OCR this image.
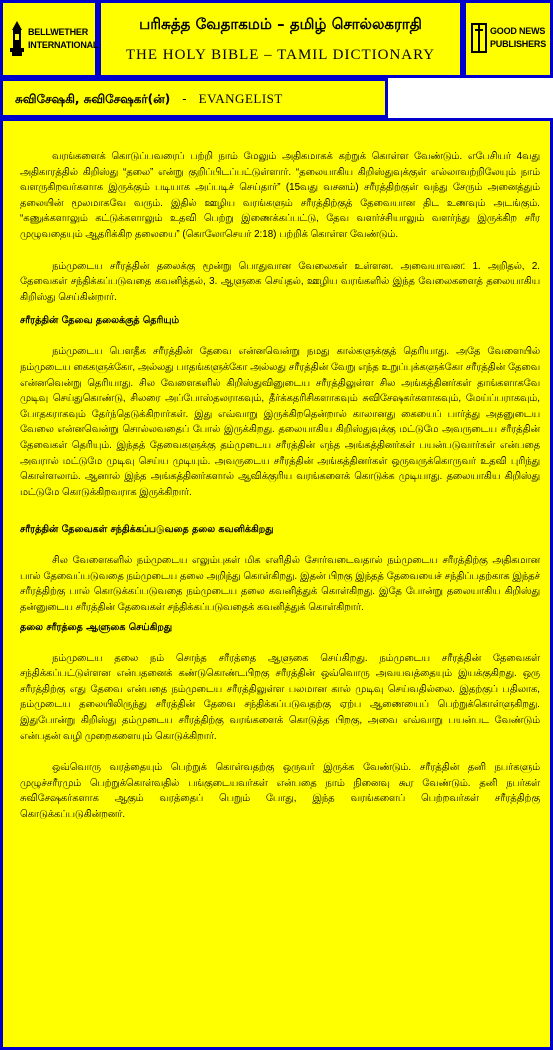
BELLWETHER
INTERNATIONAL
பரிசுத்த வேதாகமம் – தமிழ் சொல்லகராதி
THE HOLY BIBLE – TAMIL DICTIONARY
GOOD NEWS
PUBLISHERS
சுவிசேஷகி, சுவிசேஷகர்(ன்) - EVANGELIST

வரங்களைக் கொடுப்பவரைப் பற்றி நாம் மேலும் அதிகமாகக் கற்றுக் கொள்ள வேண்டும். எபேசியர் 4வது அதிகாரத்தில் கிறிஸ்து “தலை” என்று குறிப்பிடப்பட்டுள்ளார். “தலையாகிய கிறிஸ்துவுக்குள் எல்லாவற்றிலேயும் நாம் வளருகிறவர்களாக இருக்கும் படியாக அப்படிச் செய்தார்” (15வது வசனம்) சரீரத்திற்குள் வந்து சேரும் அனைத்தும் தலையின் மூலமாகவே வரும். இதில் ஊழிய வரங்களும் சரீரத்திற்குத் தேவையான திட உணவும் அடங்கும். “கணுக்களாலும் கட்டுக்களாலும் உதவி பெற்று இணைக்கப்பட்டு, தேவ வளர்ச்சியாலும் வளர்ந்து இருக்கிற சரீர முழுவதையும் ஆதரிக்கிற தலையை” (கொலோசெயர் 2:18) பற்றிக் கொள்ள வேண்டும்.

நம்முடைய சரீரத்தின் தலைக்கு மூன்று பொதுவான வேலைகள் உள்ளன. அவையாவன: 1. அறிதல், 2. தேவைகள் சந்திக்கப்படுவதை கவனித்தல், 3. ஆளுகை செய்தல், ஊழிய வரங்களில் இந்த வேலைகளைத் தலையாகிய கிறிஸ்து செய்கின்றார்.

சரீரத்தின் தேவை தலைக்குத் தெரியும்

நம்முடைய பௌதீக சரீரத்தின் தேவை என்னவென்று நமது கால்களுக்குத் தெரியாது. அதே வேளையில் நம்முடைய கைகளுக்கோ, அல்லது பாதங்களுக்கோ அல்லது சரீரத்தின் வேறு எந்த உறுப்புக்களுக்கோ சரீரத்தின் தேவை என்னவென்று தெரியாது. சில வேளைகளில் கிறிஸ்துவினுடைய சரீரத்திலுள்ள சில அங்கத்தினர்கள் தாங்களாகவே முடிவு செய்துகொண்டு, சிலரை அப்போஸ்தலராகவும், தீர்க்கதரிசிகளாகவும் சுவிசேஷகர்களாகவும், மேய்ப்பராகவும், போதகராகவும் தேர்ந்தெடுக்கிறார்கள். இது எவ்வாறு இருக்கிறதென்றால் காலானது கையைப் பார்த்து அதனுடைய வேலை என்னவென்று சொல்லவதைப் போல் இருக்கிறது. தலையாகிய கிறிஸ்துவுக்கு மட்டுமே அவருடைய சரீரத்தின் தேவைகள் தெரியும். இந்தத் தேவைகளுக்கு தம்முடைய சரீரத்தின் எந்த அங்கத்தினர்கள் பயன்படுவார்கள் என்பதை அவரால் மட்டுமே முடிவு செய்ய முடியும். அவருடைய சரீரத்தின் அங்கத்தினர்கள் ஒருவருக்கொருவர் உதவி புரிந்து கொள்ளலாம். ஆனால் இந்த அங்கத்தினர்களால் ஆவிக்குரிய வரங்களைக் கொடுக்க முடியாது. தலையாகிய கிறிஸ்து மட்டுமே கொடுக்கிறவராக இருக்கிறார்.

சரீரத்தின் தேவைகள் சந்திக்கப்படுவதை தலை கவனிக்கிறது

சில வேளைகளில் நம்முடைய எலும்புகள் மிக எளிதில் சோர்வடைவதால் நம்முடைய சரீரத்திற்கு அதிகமான பால் தேவைப்படுவதை நம்முடைய தலை அறிந்து கொள்கிறது. இதன் பிறகு இந்தத் தேவையைச் சந்திப்பதற்காக இந்தச் சரீரத்திற்கு பால் கொடுக்கப்படுவதை நம்முடைய தலை கவனித்துக் கொள்கிறது. இதே போன்று தலையாகிய கிறிஸ்து தன்னுடைய சரீரத்தின் தேவைகள் சந்திக்கப்படுவதைக் கவனித்துக் கொள்கிறார்.

தலை சரீரத்தை ஆளுகை செய்கிறது

நம்முடைய தலை நம் சொந்த சரீரத்தை ஆளுகை செய்கிறது. நம்முடைய சரீரத்தின் தேவைகள் சந்திக்கப்பட்டுள்ளன என்பதனைக் கண்டுகொண்டபிறகு சரீரத்தின் ஒவ்வொரு அவயவத்தையும் இயக்குகிறது. ஒரு சரீரத்திற்கு எது தேவை என்பதை நம்முடைய சரீரத்திலுள்ள பலமான கால் முடிவு செய்வதில்லை. இதற்குப் பதிலாக, நம்முடைய தலையிலிருந்து சரீரத்தின் தேவை சந்திக்கப்படுவதற்கு ஏற்ப ஆணையைப் பெற்றுக்கொள்ளுகிறது. இதுபோன்று கிறிஸ்து தம்முடைய சரீரத்திற்கு வரங்களைக் கொடுத்த பிறகு, அவை எவ்வாறு பயன்பட வேண்டும் என்பதன் வழி முறைகளையும் கொடுக்கிறார்.

ஒவ்வொரு வரத்தையும் பெற்றுக் கொள்வதற்கு ஒருவர் இருக்க வேண்டும். சரீரத்தின் தனி நபர்களும் முழுச்சரீரமும் பெற்றுக்கொள்வதில் பங்குடையவர்கள் என்பதை நாம் நினைவு கூர வேண்டும். தனி நபர்கள் சுவிசேஷகர்களாக ஆகும் வரத்தைப் பெறும் போது, இந்த வரங்களைப் பெற்றவர்கள் சரீரத்திற்கு கொடுக்கப்படுகின்றனர்.
